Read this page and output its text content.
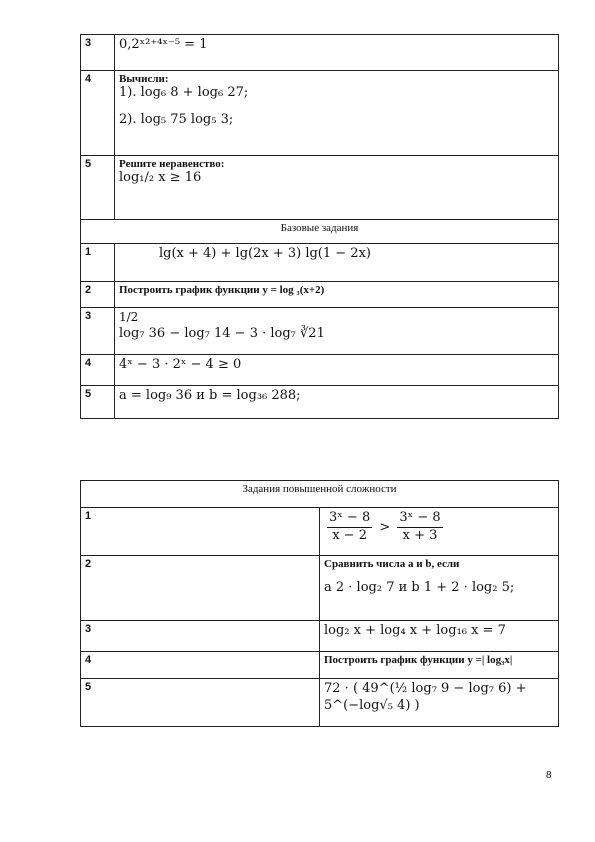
3	0,2ˣ²⁺⁴ˣ⁻⁵ = 1

4	Вычисли:
1). log₆ 8 + log₆ 27;
2). log₅ 75 log₅ 3;

5	Решите неравенство:
log₁/₂ x ≥ 16

Базовые задания	
1	lg(x + 4) + lg(2x + 3) lg(1 − 2x)

2	Построить график функции y = log ₃(x+2)

3	1/2
log₇ 36 − log₇ 14 − 3 · log₇ ∛21

4	4ˣ − 3 · 2ˣ − 4 ≥ 0

5	a = log₉ 36 и b = log₃₆ 288;
Задания повышенной сложности	
1	$\frac{\text{3ˣ − 8}}{x - 2} > \frac{\text{3ˣ − 8}}{x + 3}$

2	Сравнить числа a и b, если
a 2 · log₂ 7 и b 1 + 2 · log₂ 5;

3	log₂ x + log₄ x + log₁₆ x = 7

4	Построить график функции y =| log₃x|

5	72 · ( 49^(½ log₇ 9 − log₇ 6) + 5^(−log√₅ 4) )
8
